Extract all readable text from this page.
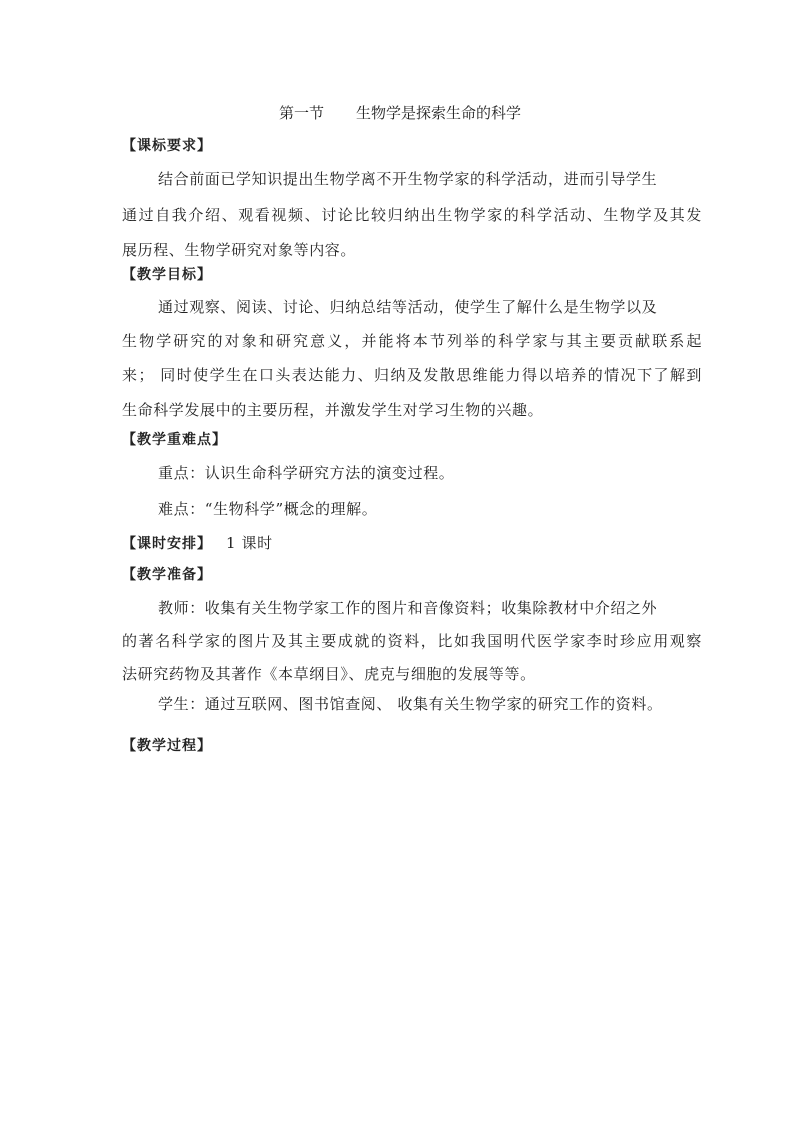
第一节 生物学是探索生命的科学
【课标要求】
结合前面已学知识提出生物学离不开生物学家的科学活动，进而引导学生
通过自我介绍、观看视频、讨论比较归纳出生物学家的科学活动、生物学及其发
展历程、生物学研究对象等内容。
【教学目标】
通过观察、阅读、讨论、归纳总结等活动，使学生了解什么是生物学以及
生物学研究的对象和研究意义，并能将本节列举的科学家与其主要贡献联系起
来； 同时使学生在口头表达能力、归纳及发散思维能力得以培养的情况下了解到
生命科学发展中的主要历程，并激发学生对学习生物的兴趣。
【教学重难点】
重点：认识生命科学研究方法的演变过程。
难点：“生物科学”概念的理解。
【课时安排】 1 课时
【教学准备】
教师：收集有关生物学家工作的图片和音像资料；收集除教材中介绍之外
的著名科学家的图片及其主要成就的资料，比如我国明代医学家李时珍应用观察
法研究药物及其著作《本草纲目》、虎克与细胞的发展等等。
学生：通过互联网、图书馆查阅、 收集有关生物学家的研究工作的资料。
【教学过程】
